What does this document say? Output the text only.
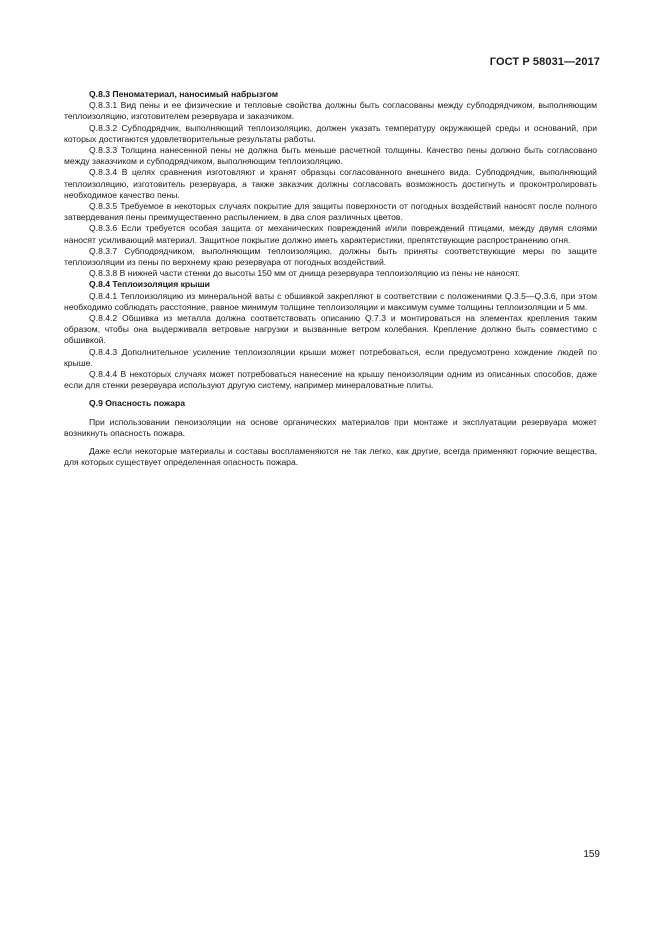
ГОСТ Р 58031—2017

Q.8.3 Пеноматериал, наносимый набрызгом

Q.8.3.1 Вид пены и ее физические и тепловые свойства должны быть согласованы между субподрядчиком, выполняющим теплоизоляцию, изготовителем резервуара и заказчиком.

Q.8.3.2 Субподрядчик, выполняющий теплоизоляцию, должен указать температуру окружающей среды и оснований, при которых достигаются удовлетворительные результаты работы.

Q.8.3.3 Толщина нанесенной пены не должна быть меньше расчетной толщины. Качество пены должно быть согласовано между заказчиком и субподрядчиком, выполняющим теплоизоляцию.

Q.8.3.4 В целях сравнения изготовляют и хранят образцы согласованного внешнего вида. Субподрядчик, выполняющий теплоизоляцию, изготовитель резервуара, а также заказчик должны согласовать возможность достигнуть и проконтролировать необходимое качество пены.

Q.8.3.5 Требуемое в некоторых случаях покрытие для защиты поверхности от погодных воздействий наносят после полного затвердевания пены преимущественно распылением, в два слоя различных цветов.

Q.8.3.6 Если требуется особая защита от механических повреждений и/или повреждений птицами, между двумя слоями наносят усиливающий материал. Защитное покрытие должно иметь характеристики, препятствующие распространению огня.

Q.8.3.7 Субподрядчиком, выполняющим теплоизоляцию, должны быть приняты соответствующие меры по защите теплоизоляции из пены по верхнему краю резервуара от погодных воздействий.

Q.8.3.8 В нижней части стенки до высоты 150 мм от днища резервуара теплоизоляцию из пены не наносят.

Q.8.4 Теплоизоляция крыши

Q.8.4.1 Теплоизоляцию из минеральной ваты с обшивкой закрепляют в соответствии с положениями Q.3.5—Q.3.6, при этом необходимо соблюдать расстояние, равное минимум толщине теплоизоляции и максимум сумме толщины теплоизоляции и 5 мм.

Q.8.4.2 Обшивка из металла должна соответствовать описанию Q.7.3 и монтироваться на элементах крепления таким образом, чтобы она выдерживала ветровые нагрузки и вызванные ветром колебания. Крепление должно быть совместимо с обшивкой.

Q.8.4.3 Дополнительное усиление теплоизоляции крыши может потребоваться, если предусмотрено хождение людей по крыше.

Q.8.4.4 В некоторых случаях может потребоваться нанесение на крышу пеноизоляции одним из описанных способов, даже если для стенки резервуара используют другую систему, например минераловатные плиты.

Q.9 Опасность пожара

При использовании пеноизоляции на основе органических материалов при монтаже и эксплуатации резервуара может возникнуть опасность пожара.

Даже если некоторые материалы и составы воспламеняются не так легко, как другие, всегда применяют горючие вещества, для которых существует определенная опасность пожара.

159
